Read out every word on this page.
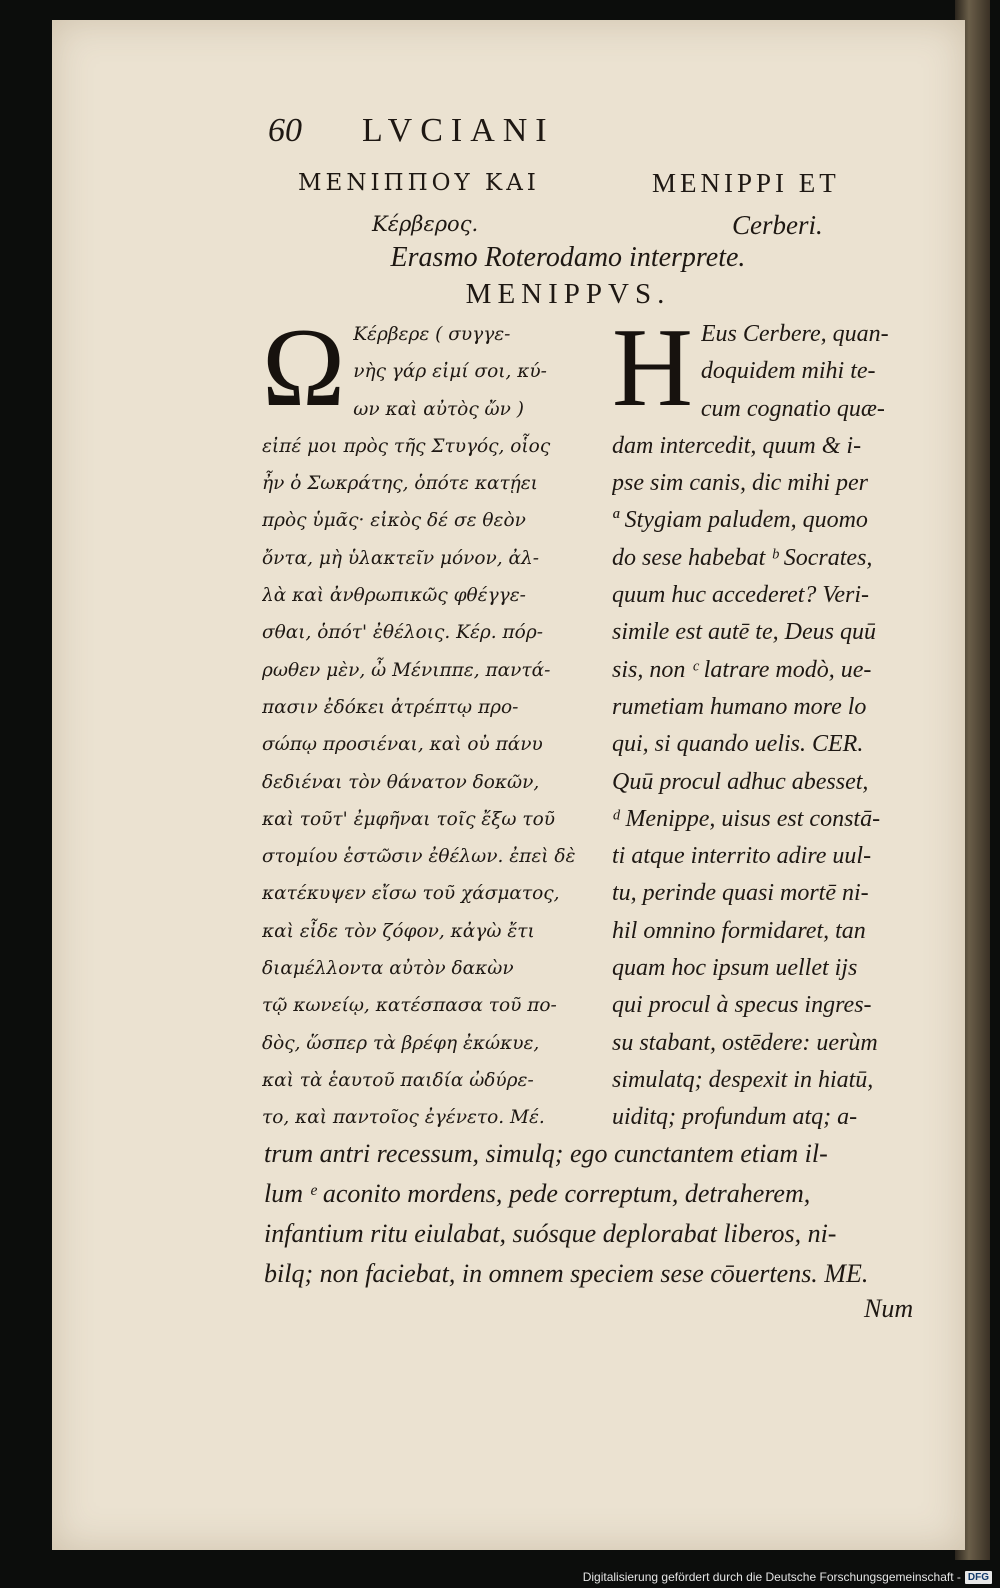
60 LVCIANI
ΜΕΝΙΠΠΟΥ ΚΑΙ	MENIPPI ET
Κέρβερος.	Cerberi.
Erasmo Roterodamo interprete.
MENIPPVS.
Ω Κέρβερε ( συγγε-
νὴς γάρ εἰμί σοι, κύ-
ων καὶ αὐτὸς ὤν )
εἰπέ μοι πρὸς τῆς Στυγός, οἷος
ἦν ὁ Σωκράτης, ὁπότε κατῄει
πρὸς ὑμᾶς· εἰκὸς δέ σε θεὸν
ὄντα, μὴ ὑλακτεῖν μόνον, ἀλ-
λὰ καὶ ἀνθρωπικῶς φθέγγε-
σθαι, ὁπότ' ἐθέλοις. Κέρ. πόρ-
ρωθεν μὲν, ὦ Μένιππε, παντά-
πασιν ἐδόκει ἀτρέπτῳ προ-
σώπῳ προσιέναι, καὶ οὐ πάνυ
δεδιέναι τὸν θάνατον δοκῶν,
καὶ τοῦτ' ἐμφῆναι τοῖς ἔξω τοῦ
στομίου ἑστῶσιν ἐθέλων. ἐπεὶ δὲ
κατέκυψεν εἴσω τοῦ χάσματος,
καὶ εἶδε τὸν ζόφον, κἀγὼ ἔτι
διαμέλλοντα αὐτὸν δακὼν
τῷ κωνείῳ, κατέσπασα τοῦ πο-
δὸς, ὥσπερ τὰ βρέφη ἐκώκυε,
καὶ τὰ ἑαυτοῦ παιδία ὠδύρε-
το, καὶ παντοῖος ἐγένετο. Μέ.
H Eus Cerbere, quan-
doquidem mihi te-
cum cognatio quæ-
dam intercedit, quum & i-
pse sim canis, dic mihi per
ª Stygiam paludem, quomo
do sese habebat ᵇ Socrates,
quum huc accederet? Veri-
simile est autē te, Deus quū
sis, non ᶜ latrare modò, ue-
rumetiam humano more lo
qui, si quando uelis. CER.
Quū procul adhuc abesset,
ᵈ Menippe, uisus est constā-
ti atque interrito adire uul-
tu, perinde quasi mortē ni-
hil omnino formidaret, tan
quam hoc ipsum uellet ijs
qui procul à specus ingres-
su stabant, ostēdere: uerùm
simulatq; despexit in hiatū,
uiditq; profundum atq; a-
trum antri recessum, simulq; ego cunctantem etiam il-
lum ᵉ aconito mordens, pede correptum, detraherem,
infantium ritu eiulabat, suósque deplorabat liberos, ni-
bilq; non faciebat, in omnem speciem sese cōuertens. ME.
Num
Digitalisierung gefördert durch die Deutsche Forschungsgemeinschaft - DFG
